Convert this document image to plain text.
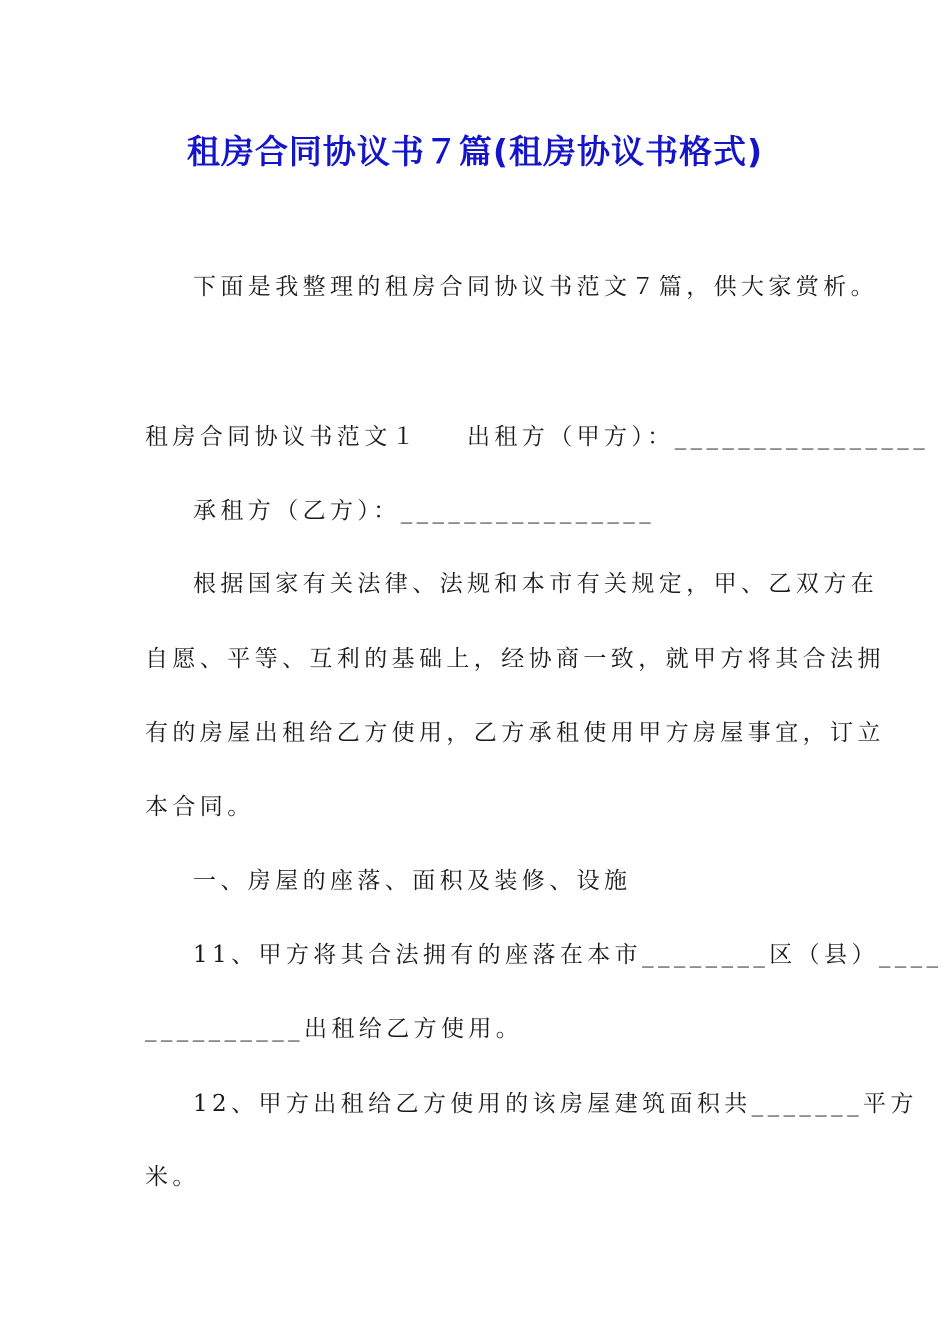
租房合同协议书７篇(租房协议书格式)
下面是我整理的租房合同协议书范文７篇，供大家赏析。
租房合同协议书范文１ 出租方（甲方）：________________
承租方（乙方）：________________
根据国家有关法律、法规和本市有关规定，甲、乙双方在
自愿、平等、互利的基础上，经协商一致，就甲方将其合法拥
有的房屋出租给乙方使用，乙方承租使用甲方房屋事宜，订立
本合同。
一、房屋的座落、面积及装修、设施
11、甲方将其合法拥有的座落在本市________区（县）____
__________出租给乙方使用。
12、甲方出租给乙方使用的该房屋建筑面积共_______平方
米。
